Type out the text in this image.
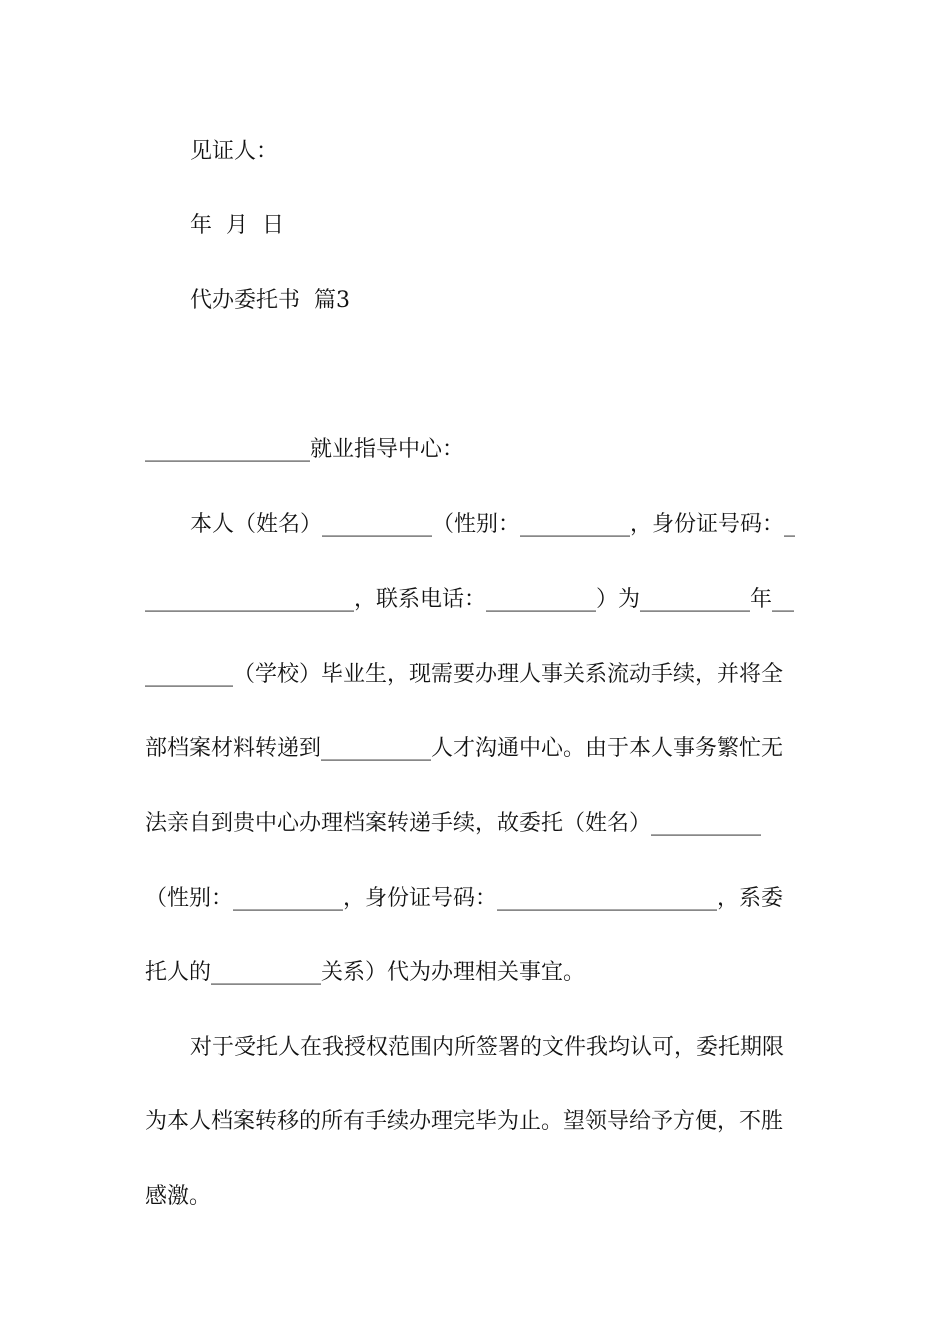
见证人：
年  月  日
代办委托书  篇3
_______________就业指导中心：
本人（姓名）__________（性别：__________，身份证号码：_
___________________，联系电话：__________）为__________年__
________（学校）毕业生，现需要办理人事关系流动手续，并将全
部档案材料转递到__________人才沟通中心。由于本人事务繁忙无
法亲自到贵中心办理档案转递手续，故委托（姓名）__________
（性别：__________，身份证号码：____________________，系委
托人的__________关系）代为办理相关事宜。
对于受托人在我授权范围内所签署的文件我均认可，委托期限
为本人档案转移的所有手续办理完毕为止。望领导给予方便，不胜
感激。
